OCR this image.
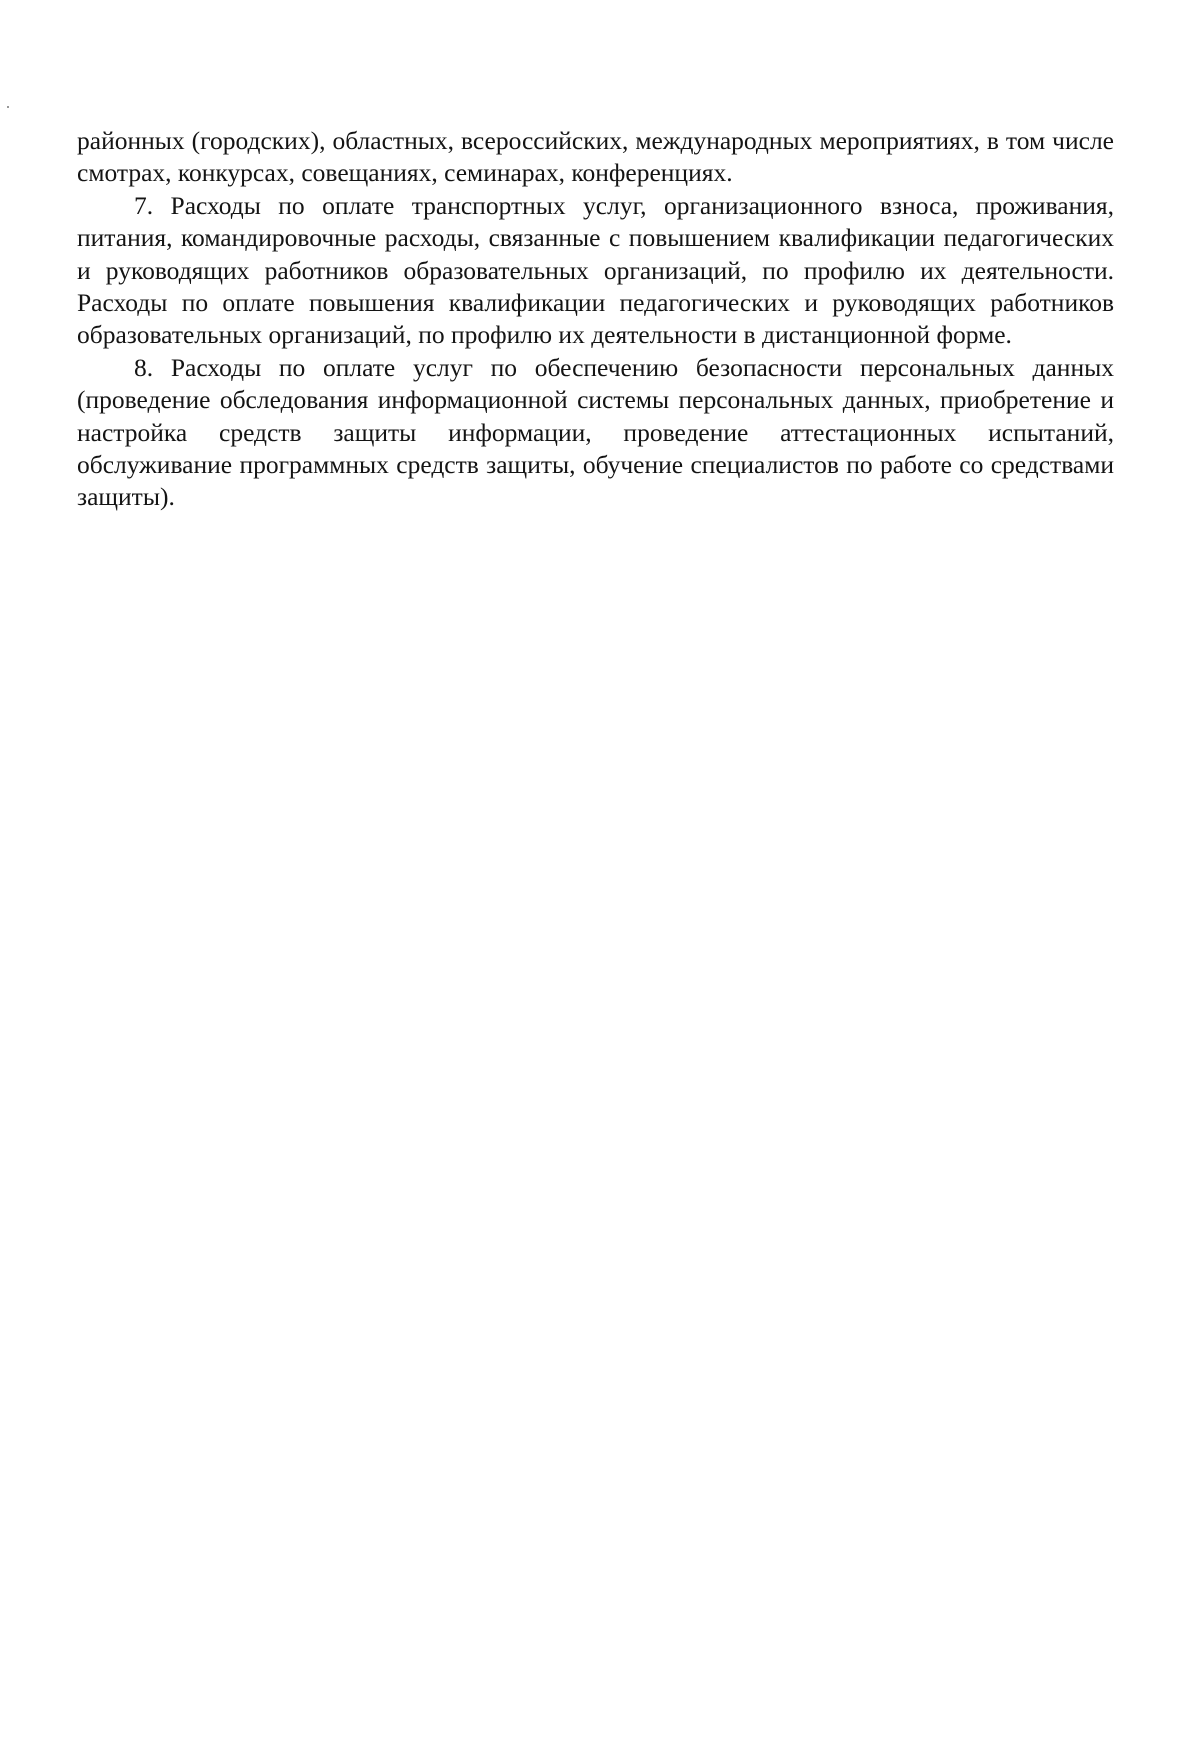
районных (городских), областных, всероссийских, международных мероприятиях, в том числе смотрах, конкурсах, совещаниях, семинарах, конференциях.

7. Расходы по оплате транспортных услуг, организационного взноса, проживания, питания, командировочные расходы, связанные с повышением квалификации педагогических и руководящих работников образовательных организаций, по профилю их деятельности. Расходы по оплате повышения квалификации педагогических и руководящих работников образовательных организаций, по профилю их деятельности в дистанционной форме.

8. Расходы по оплате услуг по обеспечению безопасности персональных данных (проведение обследования информационной системы персональных данных, приобретение и настройка средств защиты информации, проведение аттестационных испытаний, обслуживание программных средств защиты, обучение специалистов по работе со средствами защиты).
